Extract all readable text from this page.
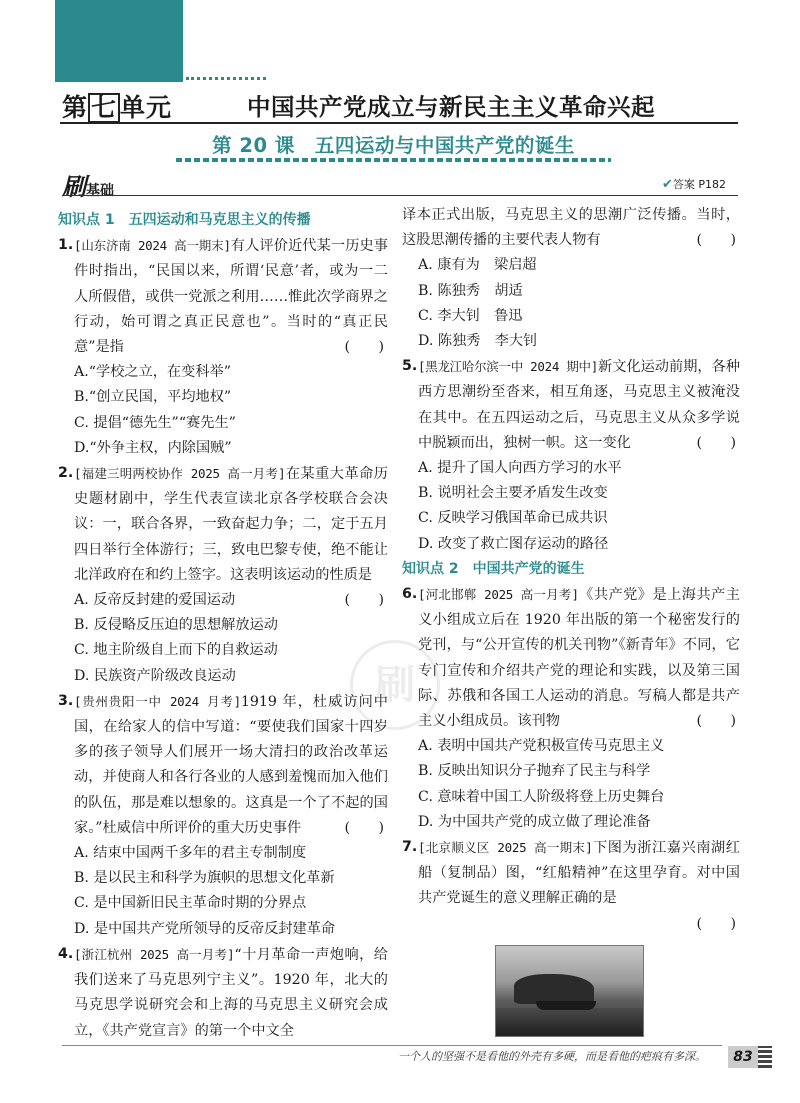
第 七 单元	中国共产党成立与新民主主义革命兴起
第 20 课　五四运动与中国共产党的诞生
刷基础	✔答案 P182
刷
知识点 1　五四运动和马克思主义的传播
1. [山东济南 2024 高一期末]有人评价近代某一历史事件时指出，“民国以来，所谓‘民意’者，或为一二人所假借，或供一党派之利用……惟此次学商界之行动，始可谓之真正民意也”。当时的“真正民意”是指	(　　)
A.“学校之立，在变科举”
B.“创立民国，平均地权”
C. 提倡“德先生”“赛先生”
D.“外争主权，内除国贼”
2. [福建三明两校协作 2025 高一月考]在某重大革命历史题材剧中，学生代表宣读北京各学校联合会决议：一，联合各界，一致奋起力争；二，定于五月四日举行全体游行；三，致电巴黎专使，绝不能让北洋政府在和约上签字。这表明该运动的性质是
(　　)
A. 反帝反封建的爱国运动
B. 反侵略反压迫的思想解放运动
C. 地主阶级自上而下的自救运动
D. 民族资产阶级改良运动
3. [贵州贵阳一中 2024 月考]1919 年，杜威访问中国，在给家人的信中写道：“要使我们国家十四岁多的孩子领导人们展开一场大清扫的政治改革运动，并使商人和各行各业的人感到羞愧而加入他们的队伍，那是难以想象的。这真是一个了不起的国家。”杜威信中所评价的重大历史事件	(　　)
A. 结束中国两千多年的君主专制制度
B. 是以民主和科学为旗帜的思想文化革新
C. 是中国新旧民主革命时期的分界点
D. 是中国共产党所领导的反帝反封建革命
4. [浙江杭州 2025 高一月考]“十月革命一声炮响，给我们送来了马克思列宁主义”。1920 年，北大的马克思学说研究会和上海的马克思主义研究会成立，《共产党宣言》的第一个中文全
译本正式出版，马克思主义的思潮广泛传播。当时，这股思潮传播的主要代表人物有	(　　)
A. 康有为　梁启超
B. 陈独秀　胡适
C. 李大钊　鲁迅
D. 陈独秀　李大钊
5. [黑龙江哈尔滨一中 2024 期中]新文化运动前期，各种西方思潮纷至沓来，相互角逐，马克思主义被淹没在其中。在五四运动之后，马克思主义从众多学说中脱颖而出，独树一帜。这一变化	(　　)
A. 提升了国人向西方学习的水平
B. 说明社会主要矛盾发生改变
C. 反映学习俄国革命已成共识
D. 改变了救亡图存运动的路径
知识点 2　中国共产党的诞生
6. [河北邯郸 2025 高一月考]《共产党》是上海共产主义小组成立后在 1920 年出版的第一个秘密发行的党刊，与“公开宣传的机关刊物”《新青年》不同，它专门宣传和介绍共产党的理论和实践，以及第三国际、苏俄和各国工人运动的消息。写稿人都是共产主义小组成员。该刊物	(　　)
A. 表明中国共产党积极宣传马克思主义
B. 反映出知识分子抛弃了民主与科学
C. 意味着中国工人阶级将登上历史舞台
D. 为中国共产党的成立做了理论准备
7. [北京顺义区 2025 高一期末]下图为浙江嘉兴南湖红船（复制品）图，“红船精神”在这里孕育。对中国共产党诞生的意义理解正确的是
(　　)
一个人的坚强不是看他的外壳有多硬，而是看他的疤痕有多深。	83
